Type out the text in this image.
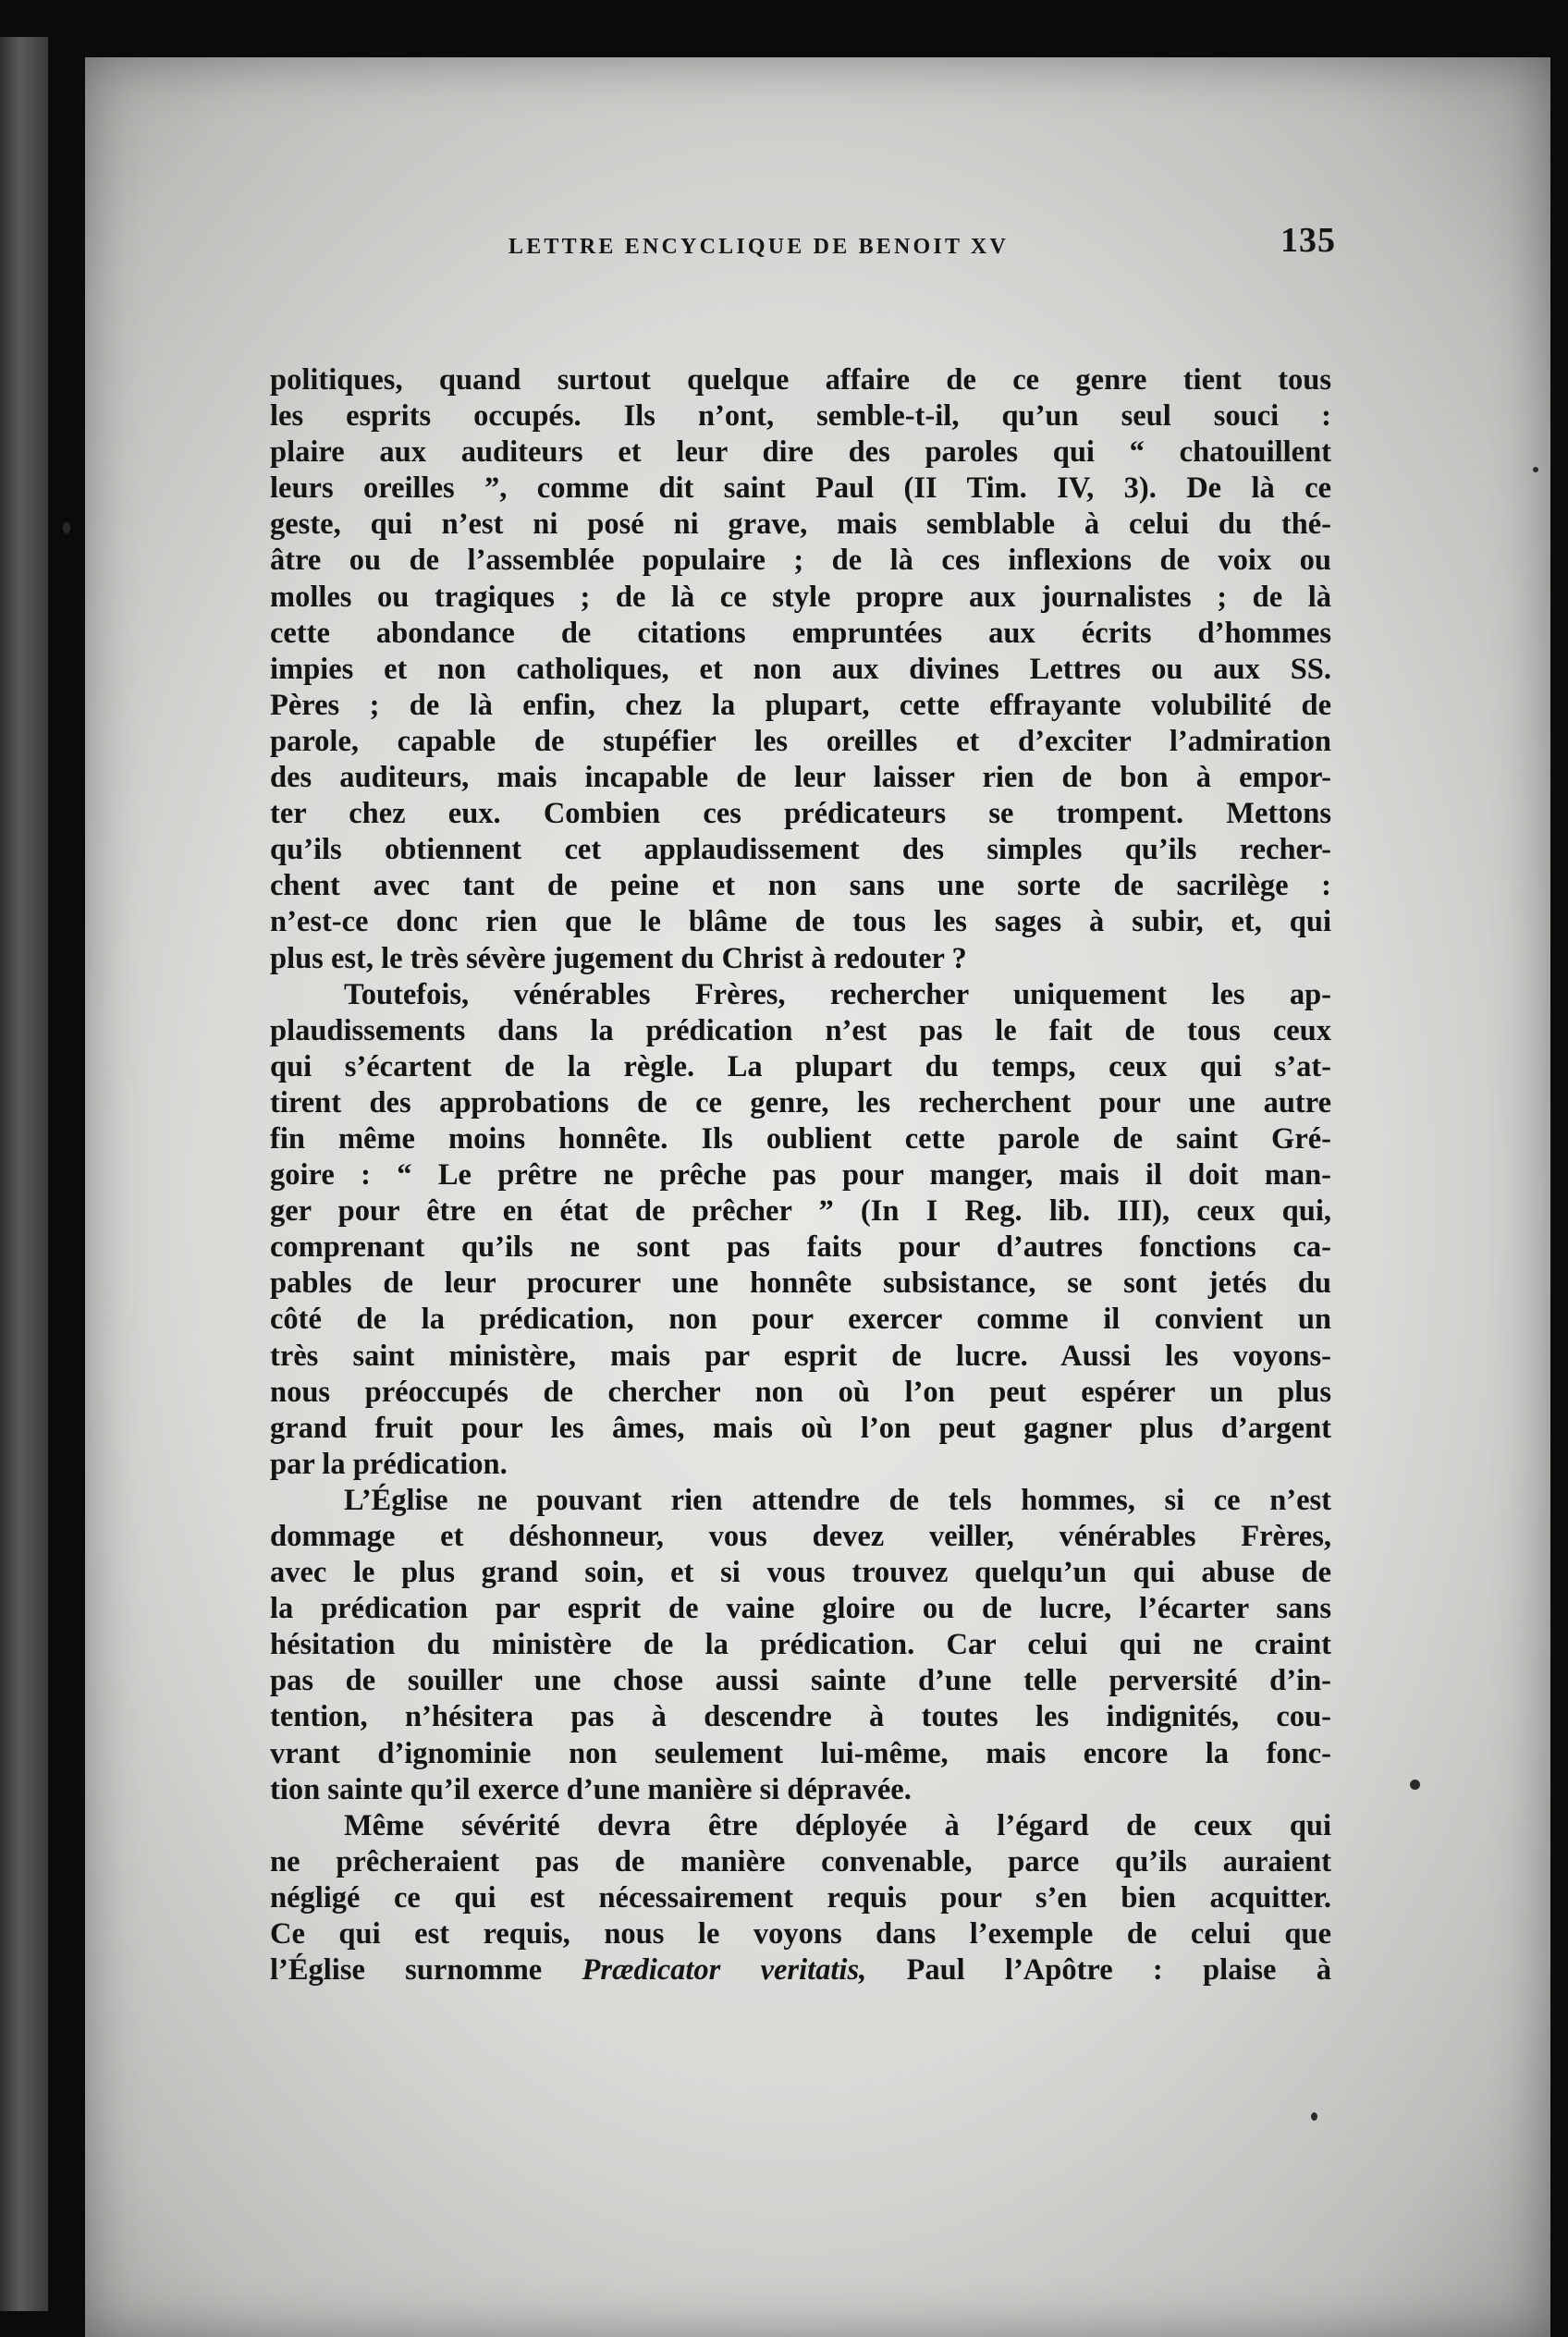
LETTRE ENCYCLIQUE DE BENOIT XV	135
politiques, quand surtout quelque affaire de ce genre tient tous
les esprits occupés. Ils n’ont, semble-t-il, qu’un seul souci :
plaire aux auditeurs et leur dire des paroles qui “ chatouillent
leurs oreilles ”, comme dit saint Paul (II Tim. IV, 3). De là ce
geste, qui n’est ni posé ni grave, mais semblable à celui du thé-
âtre ou de l’assemblée populaire ; de là ces inflexions de voix ou
molles ou tragiques ; de là ce style propre aux journalistes ; de là
cette abondance de citations empruntées aux écrits d’hommes
impies et non catholiques, et non aux divines Lettres ou aux SS.
Pères ; de là enfin, chez la plupart, cette effrayante volubilité de
parole, capable de stupéfier les oreilles et d’exciter l’admiration
des auditeurs, mais incapable de leur laisser rien de bon à empor-
ter chez eux. Combien ces prédicateurs se trompent. Mettons
qu’ils obtiennent cet applaudissement des simples qu’ils recher-
chent avec tant de peine et non sans une sorte de sacrilège :
n’est-ce donc rien que le blâme de tous les sages à subir, et, qui
plus est, le très sévère jugement du Christ à redouter ?
Toutefois, vénérables Frères, rechercher uniquement les ap-
plaudissements dans la prédication n’est pas le fait de tous ceux
qui s’écartent de la règle. La plupart du temps, ceux qui s’at-
tirent des approbations de ce genre, les recherchent pour une autre
fin même moins honnête. Ils oublient cette parole de saint Gré-
goire : “ Le prêtre ne prêche pas pour manger, mais il doit man-
ger pour être en état de prêcher ” (In I Reg. lib. III), ceux qui,
comprenant qu’ils ne sont pas faits pour d’autres fonctions ca-
pables de leur procurer une honnête subsistance, se sont jetés du
côté de la prédication, non pour exercer comme il convient un
très saint ministère, mais par esprit de lucre. Aussi les voyons-
nous préoccupés de chercher non où l’on peut espérer un plus
grand fruit pour les âmes, mais où l’on peut gagner plus d’argent
par la prédication.
L’Église ne pouvant rien attendre de tels hommes, si ce n’est
dommage et déshonneur, vous devez veiller, vénérables Frères,
avec le plus grand soin, et si vous trouvez quelqu’un qui abuse de
la prédication par esprit de vaine gloire ou de lucre, l’écarter sans
hésitation du ministère de la prédication. Car celui qui ne craint
pas de souiller une chose aussi sainte d’une telle perversité d’in-
tention, n’hésitera pas à descendre à toutes les indignités, cou-
vrant d’ignominie non seulement lui-même, mais encore la fonc-
tion sainte qu’il exerce d’une manière si dépravée.
Même sévérité devra être déployée à l’égard de ceux qui
ne prêcheraient pas de manière convenable, parce qu’ils auraient
négligé ce qui est nécessairement requis pour s’en bien acquitter.
Ce qui est requis, nous le voyons dans l’exemple de celui que
l’Église surnomme Prædicator veritatis, Paul l’Apôtre : plaise à
